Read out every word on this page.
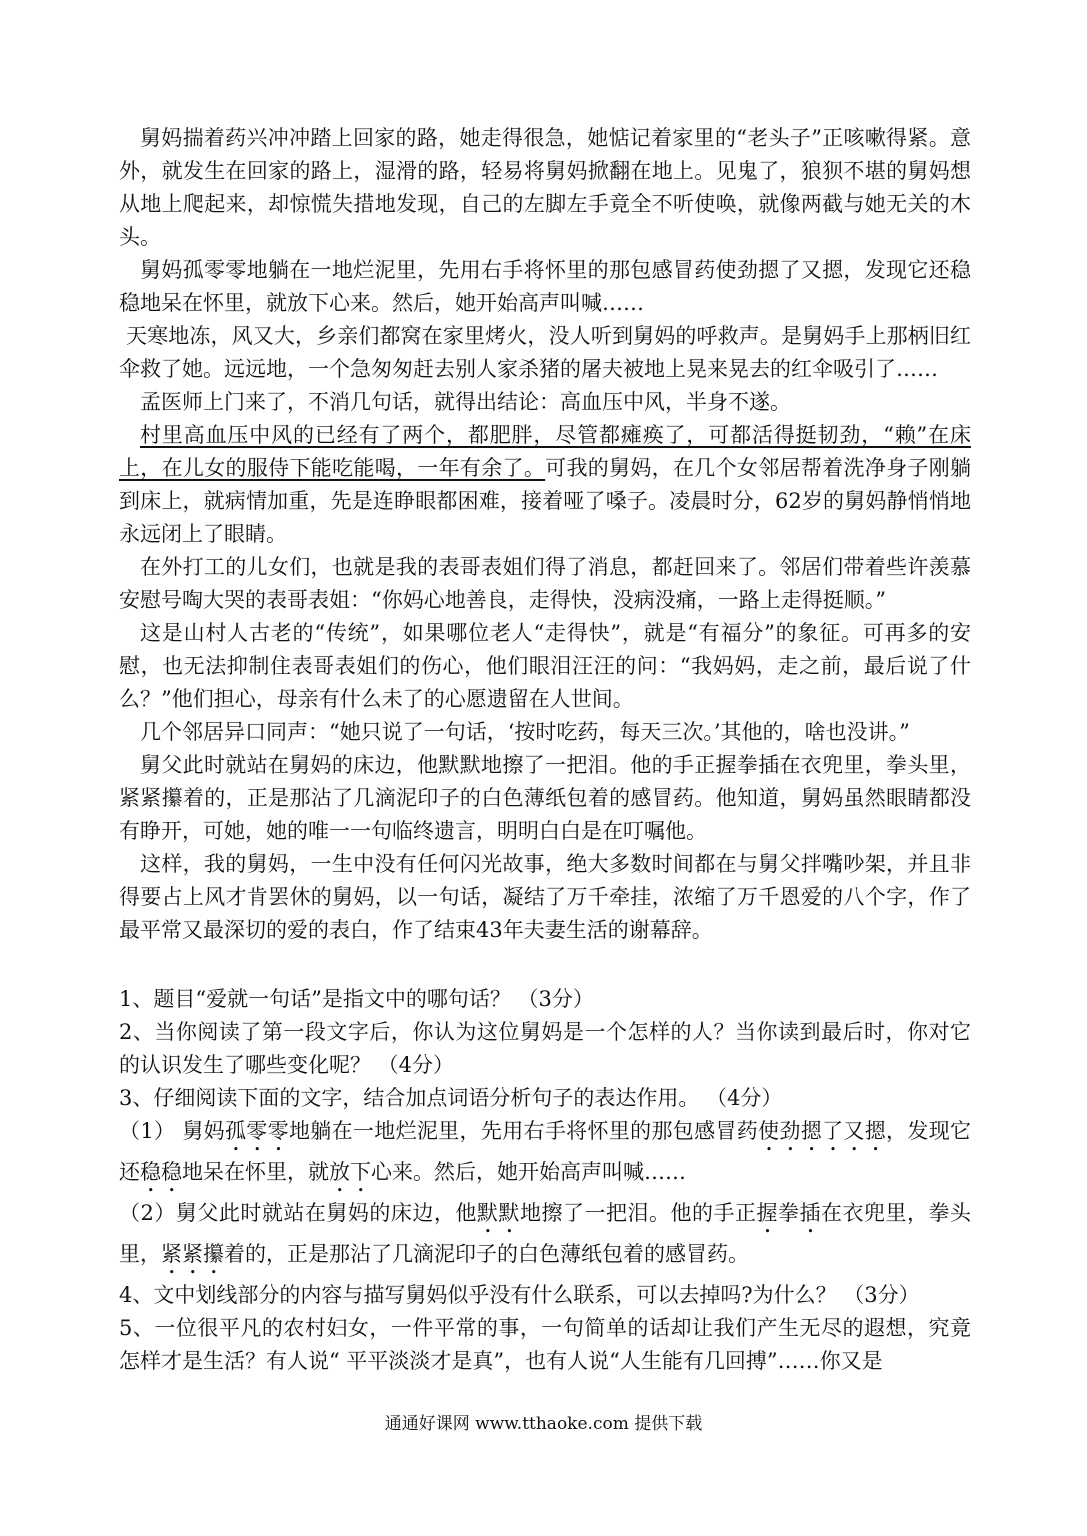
舅妈揣着药兴冲冲踏上回家的路，她走得很急，她惦记着家里的“老头子”正咳嗽得紧。意外，就发生在回家的路上，湿滑的路，轻易将舅妈掀翻在地上。见鬼了，狼狈不堪的舅妈想从地上爬起来，却惊慌失措地发现，自己的左脚左手竟全不听使唤，就像两截与她无关的木头。

舅妈孤零零地躺在一地烂泥里，先用右手将怀里的那包感冒药使劲摁了又摁，发现它还稳稳地呆在怀里，就放下心来。然后，她开始高声叫喊……

天寒地冻，风又大，乡亲们都窝在家里烤火，没人听到舅妈的呼救声。是舅妈手上那柄旧红伞救了她。远远地，一个急匆匆赶去别人家杀猪的屠夫被地上晃来晃去的红伞吸引了……

孟医师上门来了，不消几句话，就得出结论：高血压中风，半身不遂。

村里高血压中风的已经有了两个，都肥胖，尽管都瘫痪了，可都活得挺韧劲，“赖”在床上，在儿女的服侍下能吃能喝，一年有余了。可我的舅妈，在几个女邻居帮着洗净身子刚躺到床上，就病情加重，先是连睁眼都困难，接着哑了嗓子。凌晨时分，62岁的舅妈静悄悄地永远闭上了眼睛。

在外打工的儿女们，也就是我的表哥表姐们得了消息，都赶回来了。邻居们带着些许羡慕安慰号啕大哭的表哥表姐：“你妈心地善良，走得快，没病没痛，一路上走得挺顺。”

这是山村人古老的“传统”，如果哪位老人“走得快”，就是“有福分”的象征。可再多的安慰，也无法抑制住表哥表姐们的伤心，他们眼泪汪汪的问：“我妈妈，走之前，最后说了什么？”他们担心，母亲有什么未了的心愿遗留在人世间。

几个邻居异口同声：“她只说了一句话，‘按时吃药，每天三次。’其他的，啥也没讲。”

舅父此时就站在舅妈的床边，他默默地擦了一把泪。他的手正握拳插在衣兜里，拳头里，紧紧攥着的，正是那沾了几滴泥印子的白色薄纸包着的感冒药。他知道，舅妈虽然眼睛都没有睁开，可她，她的唯一一句临终遗言，明明白白是在叮嘱他。

这样，我的舅妈，一生中没有任何闪光故事，绝大多数时间都在与舅父拌嘴吵架，并且非得要占上风才肯罢休的舅妈，以一句话，凝结了万千牵挂，浓缩了万千恩爱的八个字，作了最平常又最深切的爱的表白，作了结束43年夫妻生活的谢幕辞。

1、题目“爱就一句话”是指文中的哪句话？ （3分）

2、当你阅读了第一段文字后，你认为这位舅妈是一个怎样的人？当你读到最后时，你对它的认识发生了哪些变化呢？ （4分）

3、仔细阅读下面的文字，结合加点词语分析句子的表达作用。 （4分）

（1） 舅妈孤零零地躺在一地烂泥里，先用右手将怀里的那包感冒药使劲摁了又摁，发现它还稳稳地呆在怀里，就放下心来。然后，她开始高声叫喊……

（2）舅父此时就站在舅妈的床边，他默默地擦了一把泪。他的手正握拳插在衣兜里，拳头里，紧紧攥着的，正是那沾了几滴泥印子的白色薄纸包着的感冒药。

4、文中划线部分的内容与描写舅妈似乎没有什么联系，可以去掉吗?为什么？ （3分）

5、一位很平凡的农村妇女，一件平常的事，一句简单的话却让我们产生无尽的遐想，究竟怎样才是生活？有人说“ 平平淡淡才是真”，也有人说“人生能有几回搏”……你又是

通通好课网 www.tthaoke.com 提供下载
